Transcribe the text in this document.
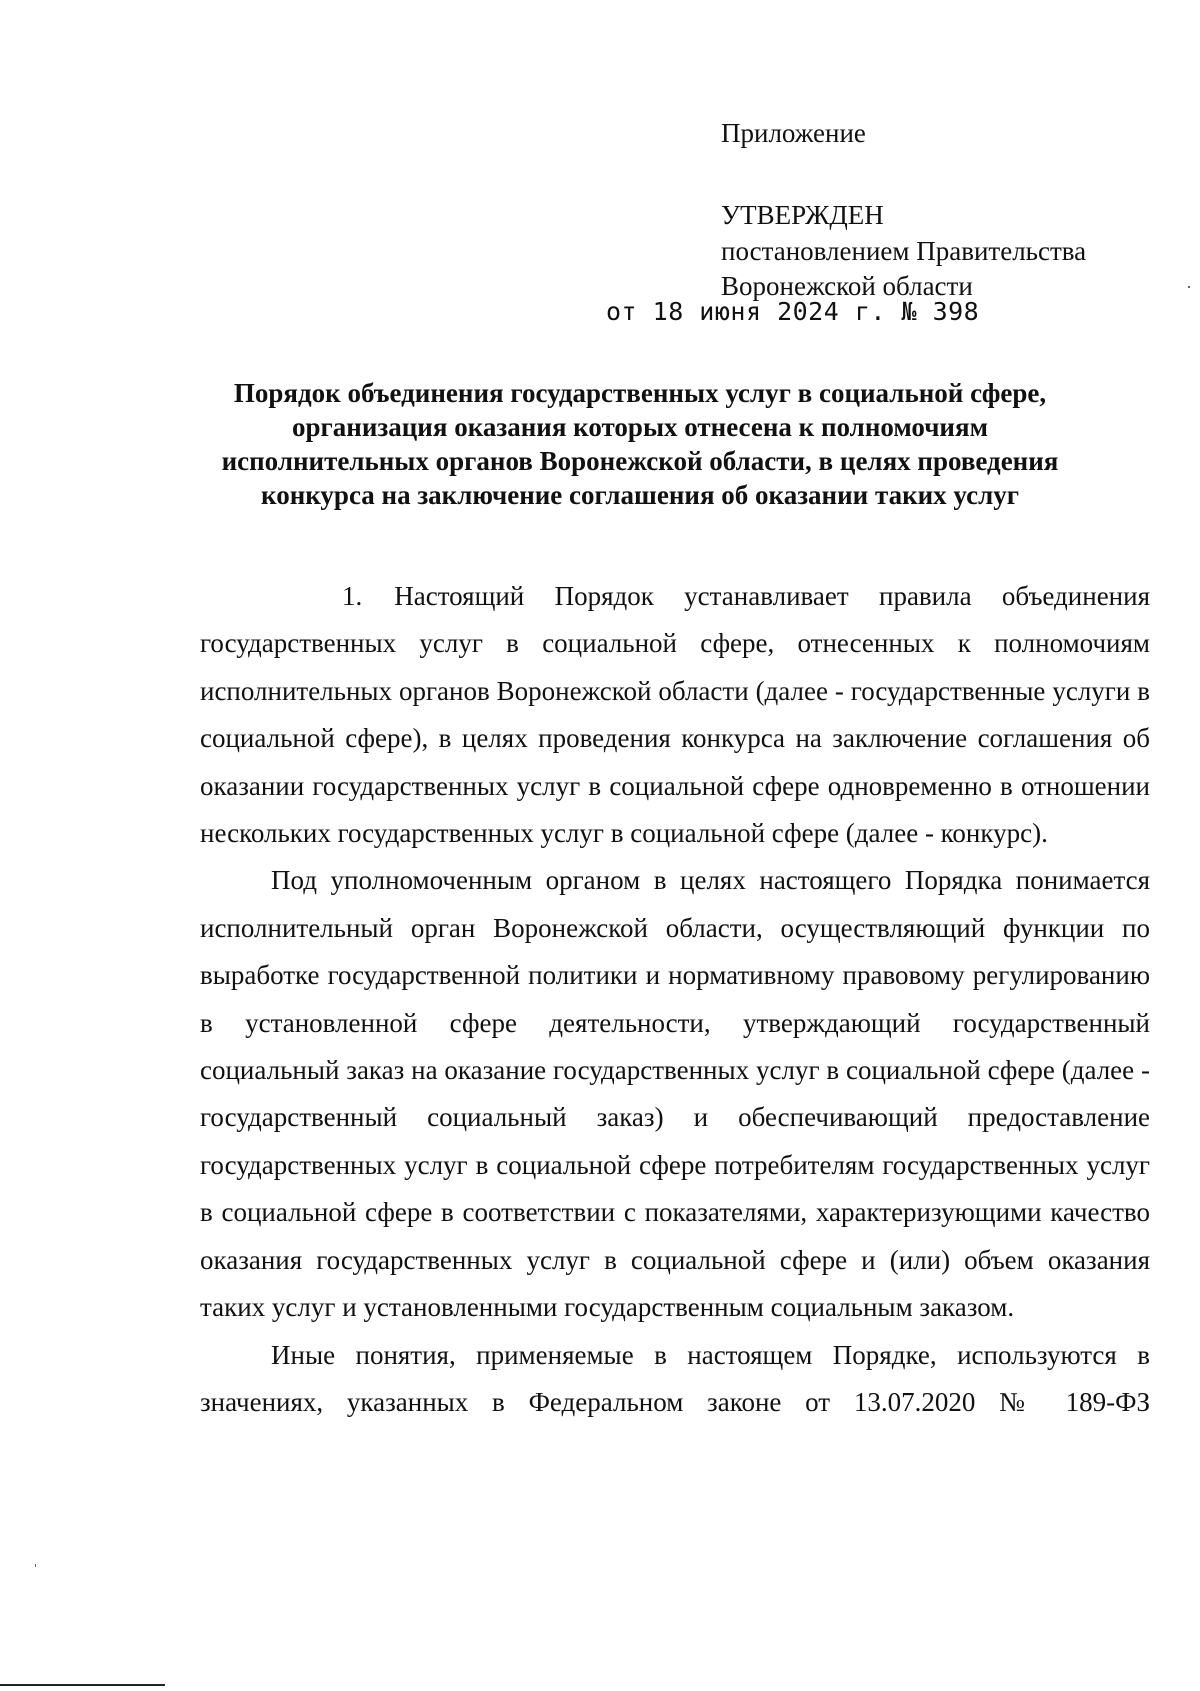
Приложение
УТВЕРЖДЕН
постановлением Правительства
Воронежской области
от 18 июня 2024 г. № 398
Порядок объединения государственных услуг в социальной сфере,
организация оказания которых отнесена к полномочиям
исполнительных органов Воронежской области, в целях проведения
конкурса на заключение соглашения об оказании таких услуг

1. Настоящий Порядок устанавливает правила объединения государственных услуг в социальной сфере, отнесенных к полномочиям исполнительных органов Воронежской области (далее - государственные услуги в социальной сфере), в целях проведения конкурса на заключение соглашения об оказании государственных услуг в социальной сфере одновременно в отношении нескольких государственных услуг в социальной сфере (далее - конкурс).

Под уполномоченным органом в целях настоящего Порядка понимается исполнительный орган Воронежской области, осуществляющий функции по выработке государственной политики и нормативному правовому регулированию в установленной сфере деятельности, утверждающий государственный социальный заказ на оказание государственных услуг в социальной сфере (далее - государственный социальный заказ) и обеспечивающий предоставление государственных услуг в социальной сфере потребителям государственных услуг в социальной сфере в соответствии с показателями, характеризующими качество оказания государственных услуг в социальной сфере и (или) объем оказания таких услуг и установленными государственным социальным заказом.

Иные понятия, применяемые в настоящем Порядке, используются в значениях, указанных в Федеральном законе от 13.07.2020 № 189-ФЗ
